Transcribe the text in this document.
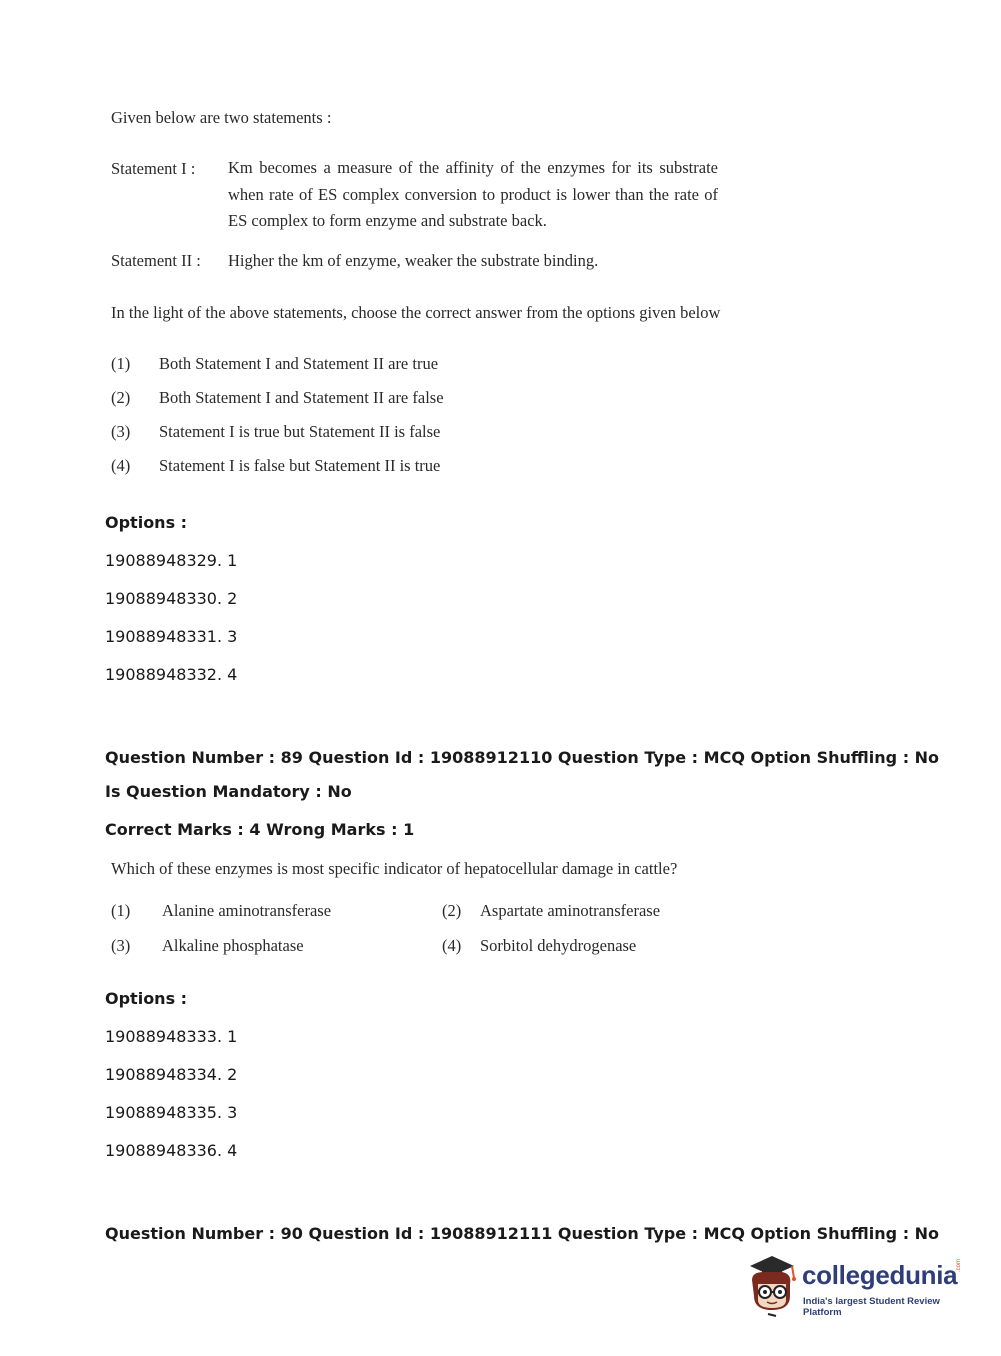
Given below are two statements :
Statement I : Km becomes a measure of the affinity of the enzymes for its substrate when rate of ES complex conversion to product is lower than the rate of ES complex to form enzyme and substrate back.
Statement II : Higher the km of enzyme, weaker the substrate binding.
In the light of the above statements, choose the correct answer from the options given below
(1) Both Statement I and Statement II are true
(2) Both Statement I and Statement II are false
(3) Statement I is true but Statement II is false
(4) Statement I is false but Statement II is true
Options :
19088948329. 1
19088948330. 2
19088948331. 3
19088948332. 4
Question Number : 89 Question Id : 19088912110 Question Type : MCQ Option Shuffling : No
Is Question Mandatory : No
Correct Marks : 4 Wrong Marks : 1
Which of these enzymes is most specific indicator of hepatocellular damage in cattle?
(1) Alanine aminotransferase	(2) Aspartate aminotransferase
(3) Alkaline phosphatase	(4) Sorbitol dehydrogenase
Options :
19088948333. 1
19088948334. 2
19088948335. 3
19088948336. 4
Question Number : 90 Question Id : 19088912111 Question Type : MCQ Option Shuffling : No
collegedunia
.com
India's largest Student Review Platform
